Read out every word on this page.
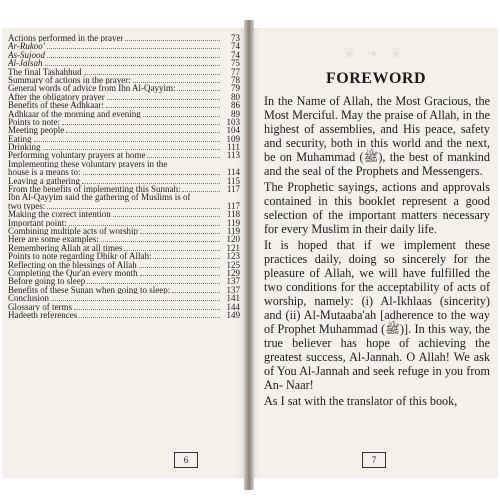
Actions performed in the prayer	73
Ar-Rukoo'	74
As-Sujood	74
Al-Jalsah	75
The final Tashahhud	77
Summary of actions in the prayer:	78
General words of advice from Ibn Al-Qayyim:	79
After the obligatory prayer	80
Benefits of these Adhkaar:	86
Adhkaar of the morning and evening	89
Points to note:	103
Meeting people	104
Eating	109
Drinking	111
Performing voluntary prayers at home	113
Implementing these voluntary prayers in the
house is a means to:	114
Leaving a gathering	115
From the benefits of implementing this Sunnah:	117
Ibn Al-Qayyim said the gathering of Muslims is of
two types:	117
Making the correct intention	118
Important point:	119
Combining multiple acts of worship	119
Here are some examples:	120
Remembering Allah at all times	121
Points to note regarding Dhikr of Allah:	123
Reflecting on the blessings of Allah	125
Completing the Qur'an every month	129
Before going to sleep	137
Benefits of these Sunan when going to sleep:	137
Conclusion	141
Glossary of terms	144
Hadeeth references	149
6	7
❦ ❧ ❦
FOREWORD

In the Name of Allah, the Most Gracious, the Most Merciful. May the praise of Allah, in the highest of assemblies, and His peace, safety and security, both in this world and the next, be on Muhammad (ﷺ), the best of mankind and the seal of the Prophets and Messengers.

The Prophetic sayings, actions and approvals contained in this booklet represent a good selection of the important matters necessary for every Muslim in their daily life.

It is hoped that if we implement these practices daily, doing so sincerely for the pleasure of Allah, we will have fulfilled the two conditions for the acceptability of acts of worship, namely: (i) Al-Ikhlaas (sincerity) and (ii) Al-Mutaaba'ah [adherence to the way of Prophet Muhammad (ﷺ)]. In this way, the true believer has hope of achieving the greatest success, Al-Jannah. O Allah! We ask of You Al-Jannah and seek refuge in you from An- Naar!

As I sat with the translator of this book,
